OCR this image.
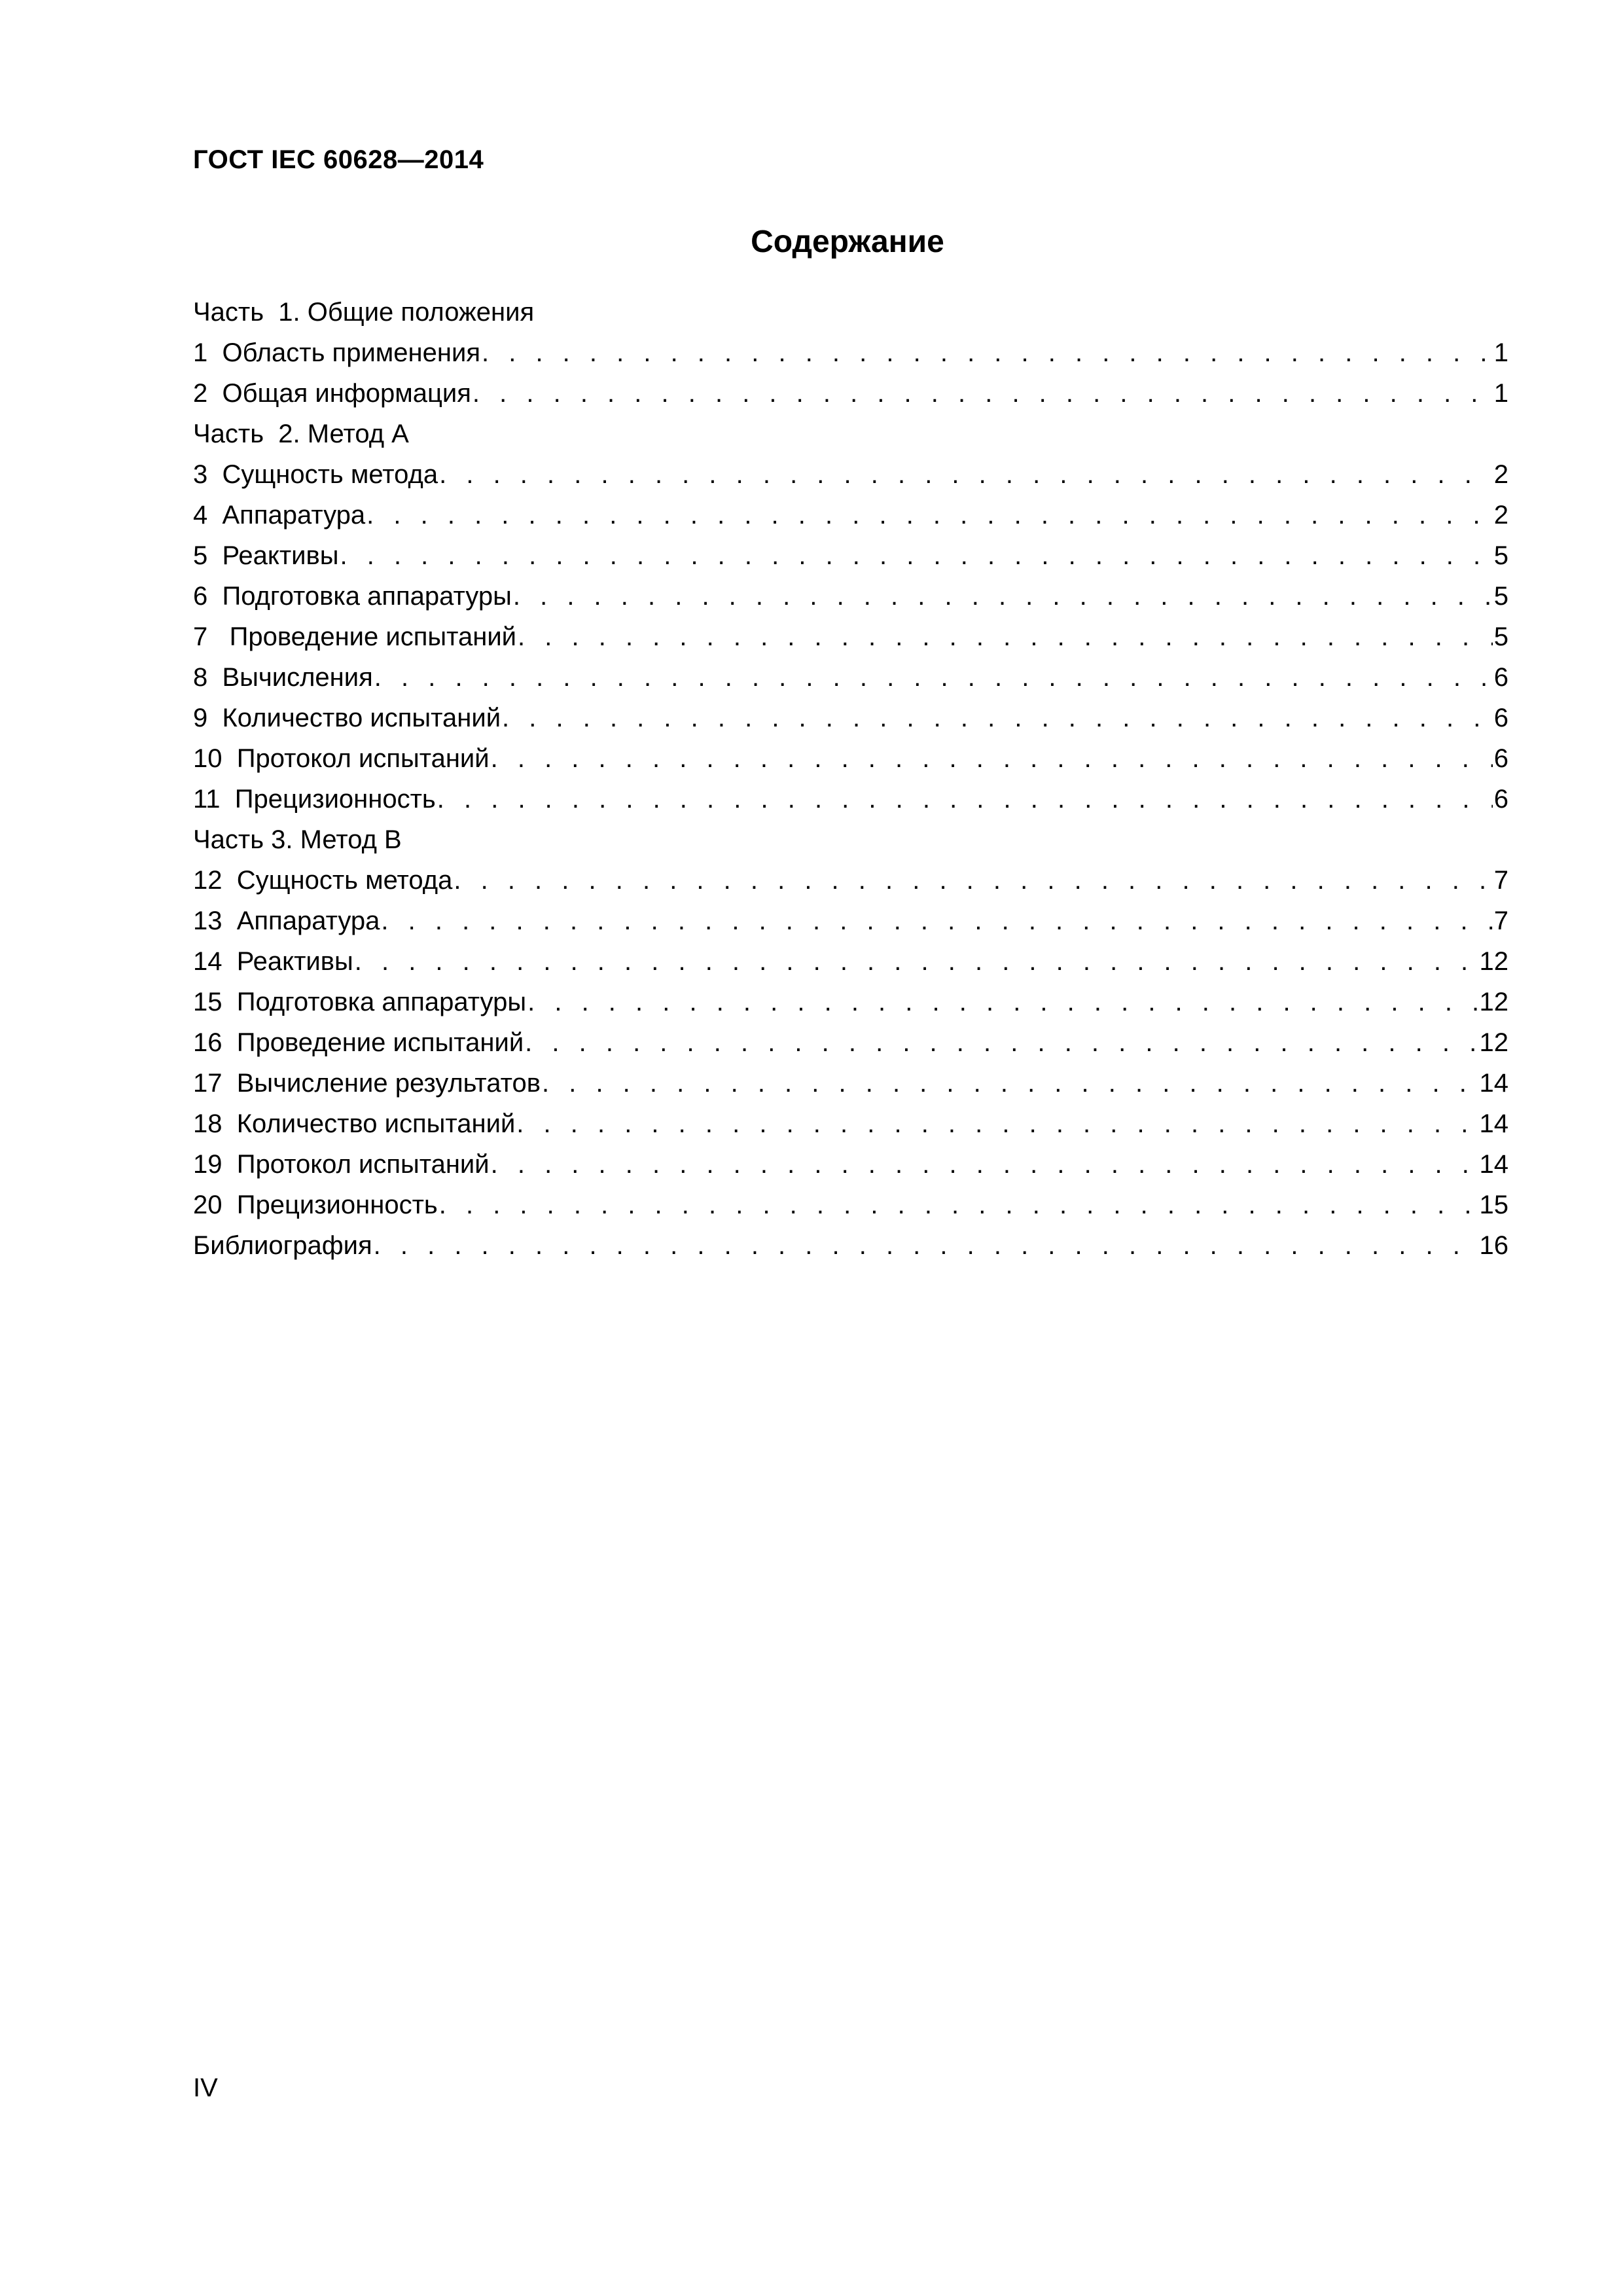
ГОСТ IEC 60628—2014
Содержание
Часть  1. Общие положения
1  Область применения . . .	1
2  Общая информация . . .	1
Часть  2. Метод А
3  Сущность метода . . .	2
4  Аппаратура . . .	2
5  Реактивы . . .	5
6  Подготовка аппаратуры . . .	5
7   Проведение испытаний . . .	5
8  Вычисления . . .	6
9  Количество испытаний . . .	6
10  Протокол испытаний . . .	6
11  Прецизионность . . .	6
Часть 3. Метод В
12  Сущность метода . . .	7
13  Аппаратура . . .	7
14  Реактивы . . .	12
15  Подготовка аппаратуры . . .	12
16  Проведение испытаний . . .	12
17  Вычисление результатов . . .	14
18  Количество испытаний . . .	14
19  Протокол испытаний . . .	14
20  Прецизионность . . .	15
Библиография . . .	16
IV
